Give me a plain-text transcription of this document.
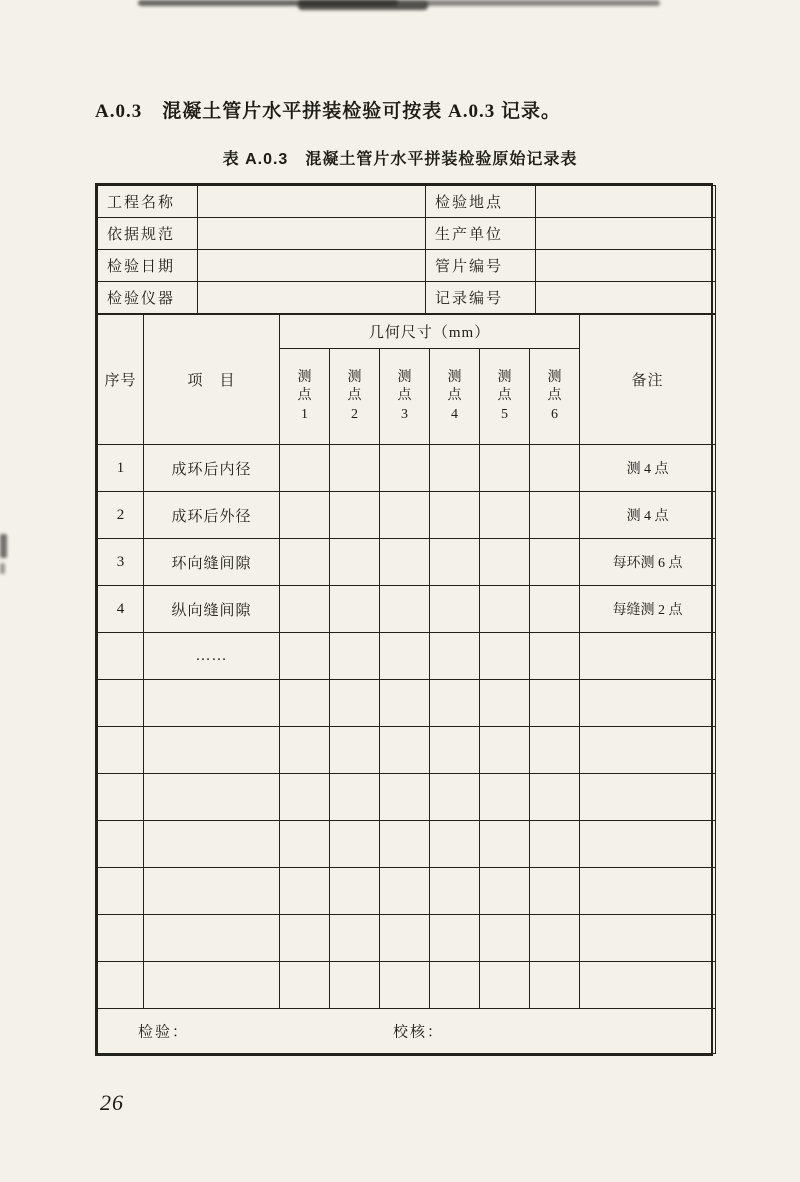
A.0.3　混凝土管片水平拼装检验可按表 A.0.3 记录。
表 A.0.3　混凝土管片水平拼装检验原始记录表
工程名称		检验地点	
依据规范		生产单位	
检验日期		管片编号	
检验仪器		记录编号	
序号	项　目	几何尺寸（mm）						备注
		测点1	测点2	测点3	测点4	测点5	测点6	
1	成环后内径							测 4 点
2	成环后外径							测 4 点
3	环向缝间隙							每环测 6 点
4	纵向缝间隙							每缝测 2 点
	……							

检验： 校核：								
26
